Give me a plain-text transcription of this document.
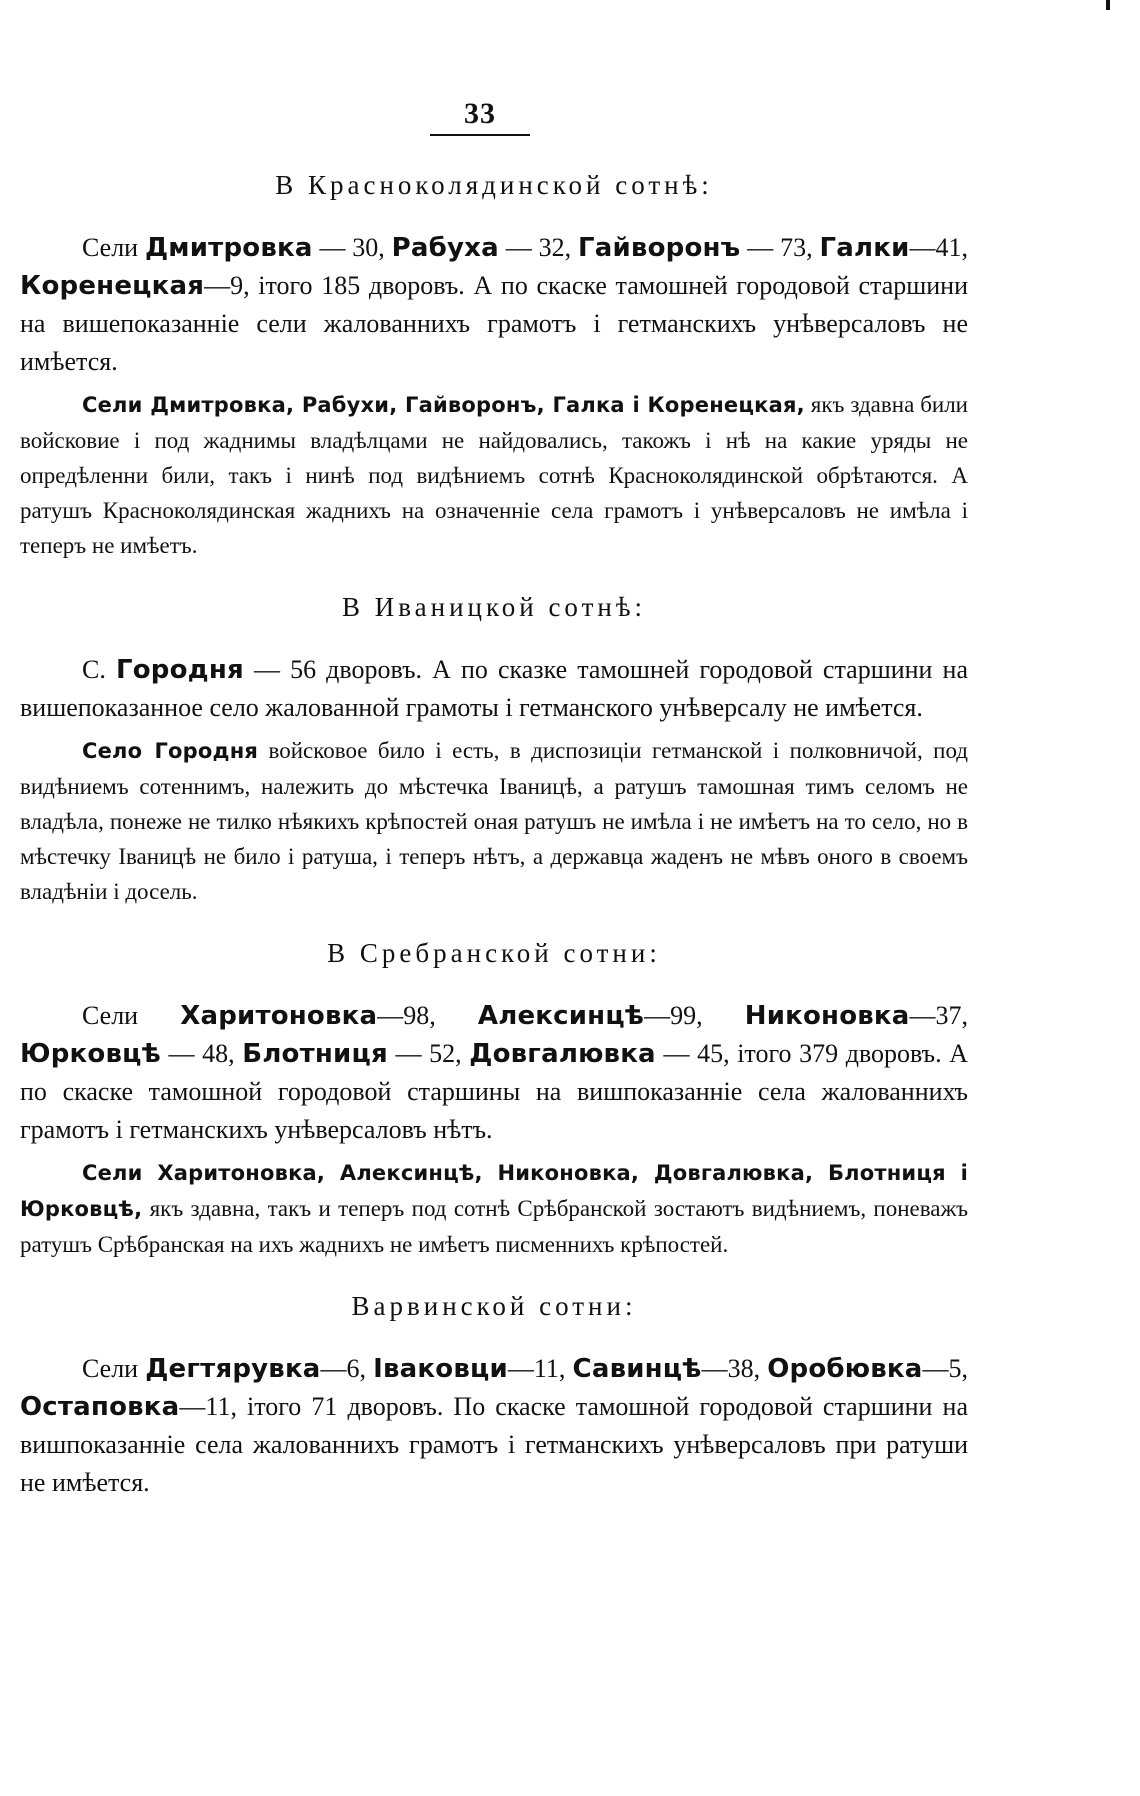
33
В Красноколядинской сотнѣ:

Сели Дмитровка — 30, Рабуха — 32, Гайворонъ — 73, Галки—41, Коренецкая—9, iтого 185 дворовъ. А по скаске тамошней городовой старшини на вишепоказаннiе сели жалованнихъ грамотъ i гетманскихъ унѣверсаловъ не имѣется.

Сели Дмитровка, Рабухи, Гайворонъ, Галка i Коренецкая, якъ здавна били войсковие i под жаднимы владѣлцами не найдовались, такожъ i нѣ на какие уряды не опредѣленни били, такъ i нинѣ под видѣниемъ сотнѣ Красноколядинской обрѣтаются. А ратушъ Красноколядинская жаднихъ на означеннiе села грамотъ i унѣверсаловъ не имѣла i теперъ не имѣетъ.

В Иваницкой сотнѣ:

С. Городня — 56 дворовъ. А по сказке тамошней городовой старшини на вишепоказанное село жалованной грамоты i гетманского унѣверсалу не имѣется.

Село Городня войсковое било i есть, в диспозицiи гетманской i полковничой, под видѣниемъ сотеннимъ, належить до мѣстечка Iваницѣ, а ратушъ тамошная тимъ селомъ не владѣла, понеже не тилко нѣякихъ крѣпостей оная ратушъ не имѣла i не имѣетъ на то село, но в мѣстечку Iваницѣ не било i ратуша, i теперъ нѣтъ, а державца жаденъ не мѣвъ оного в своемъ владѣнiи i досель.

В Сребранской сотни:

Сели Харитоновка—98, Алексинцѣ—99, Никоновка—37, Юрковцѣ — 48, Блотниця — 52, Довгалювка — 45, iтого 379 дворовъ. А по скаске тамошной городовой старшины на вишпоказаннiе села жалованнихъ грамотъ i гетманскихъ унѣверсаловъ нѣтъ.

Сели Харитоновка, Алексинцѣ, Никоновка, Довгалювка, Блотниця i Юрковцѣ, якъ здавна, такъ и теперъ под сотнѣ Срѣбранской зостаютъ видѣниемъ, поневажъ ратушъ Срѣбранская на ихъ жаднихъ не имѣетъ писменнихъ крѣпостей.

Варвинской сотни:

Сели Дегтярувка—6, Iваковци—11, Савинцѣ—38, Оробювка—5, Остаповка—11, iтого 71 дворовъ. По скаске тамошной городовой старшини на вишпоказаннiе села жалованнихъ грамотъ i гетманскихъ унѣверсаловъ при ратуши не имѣется.
